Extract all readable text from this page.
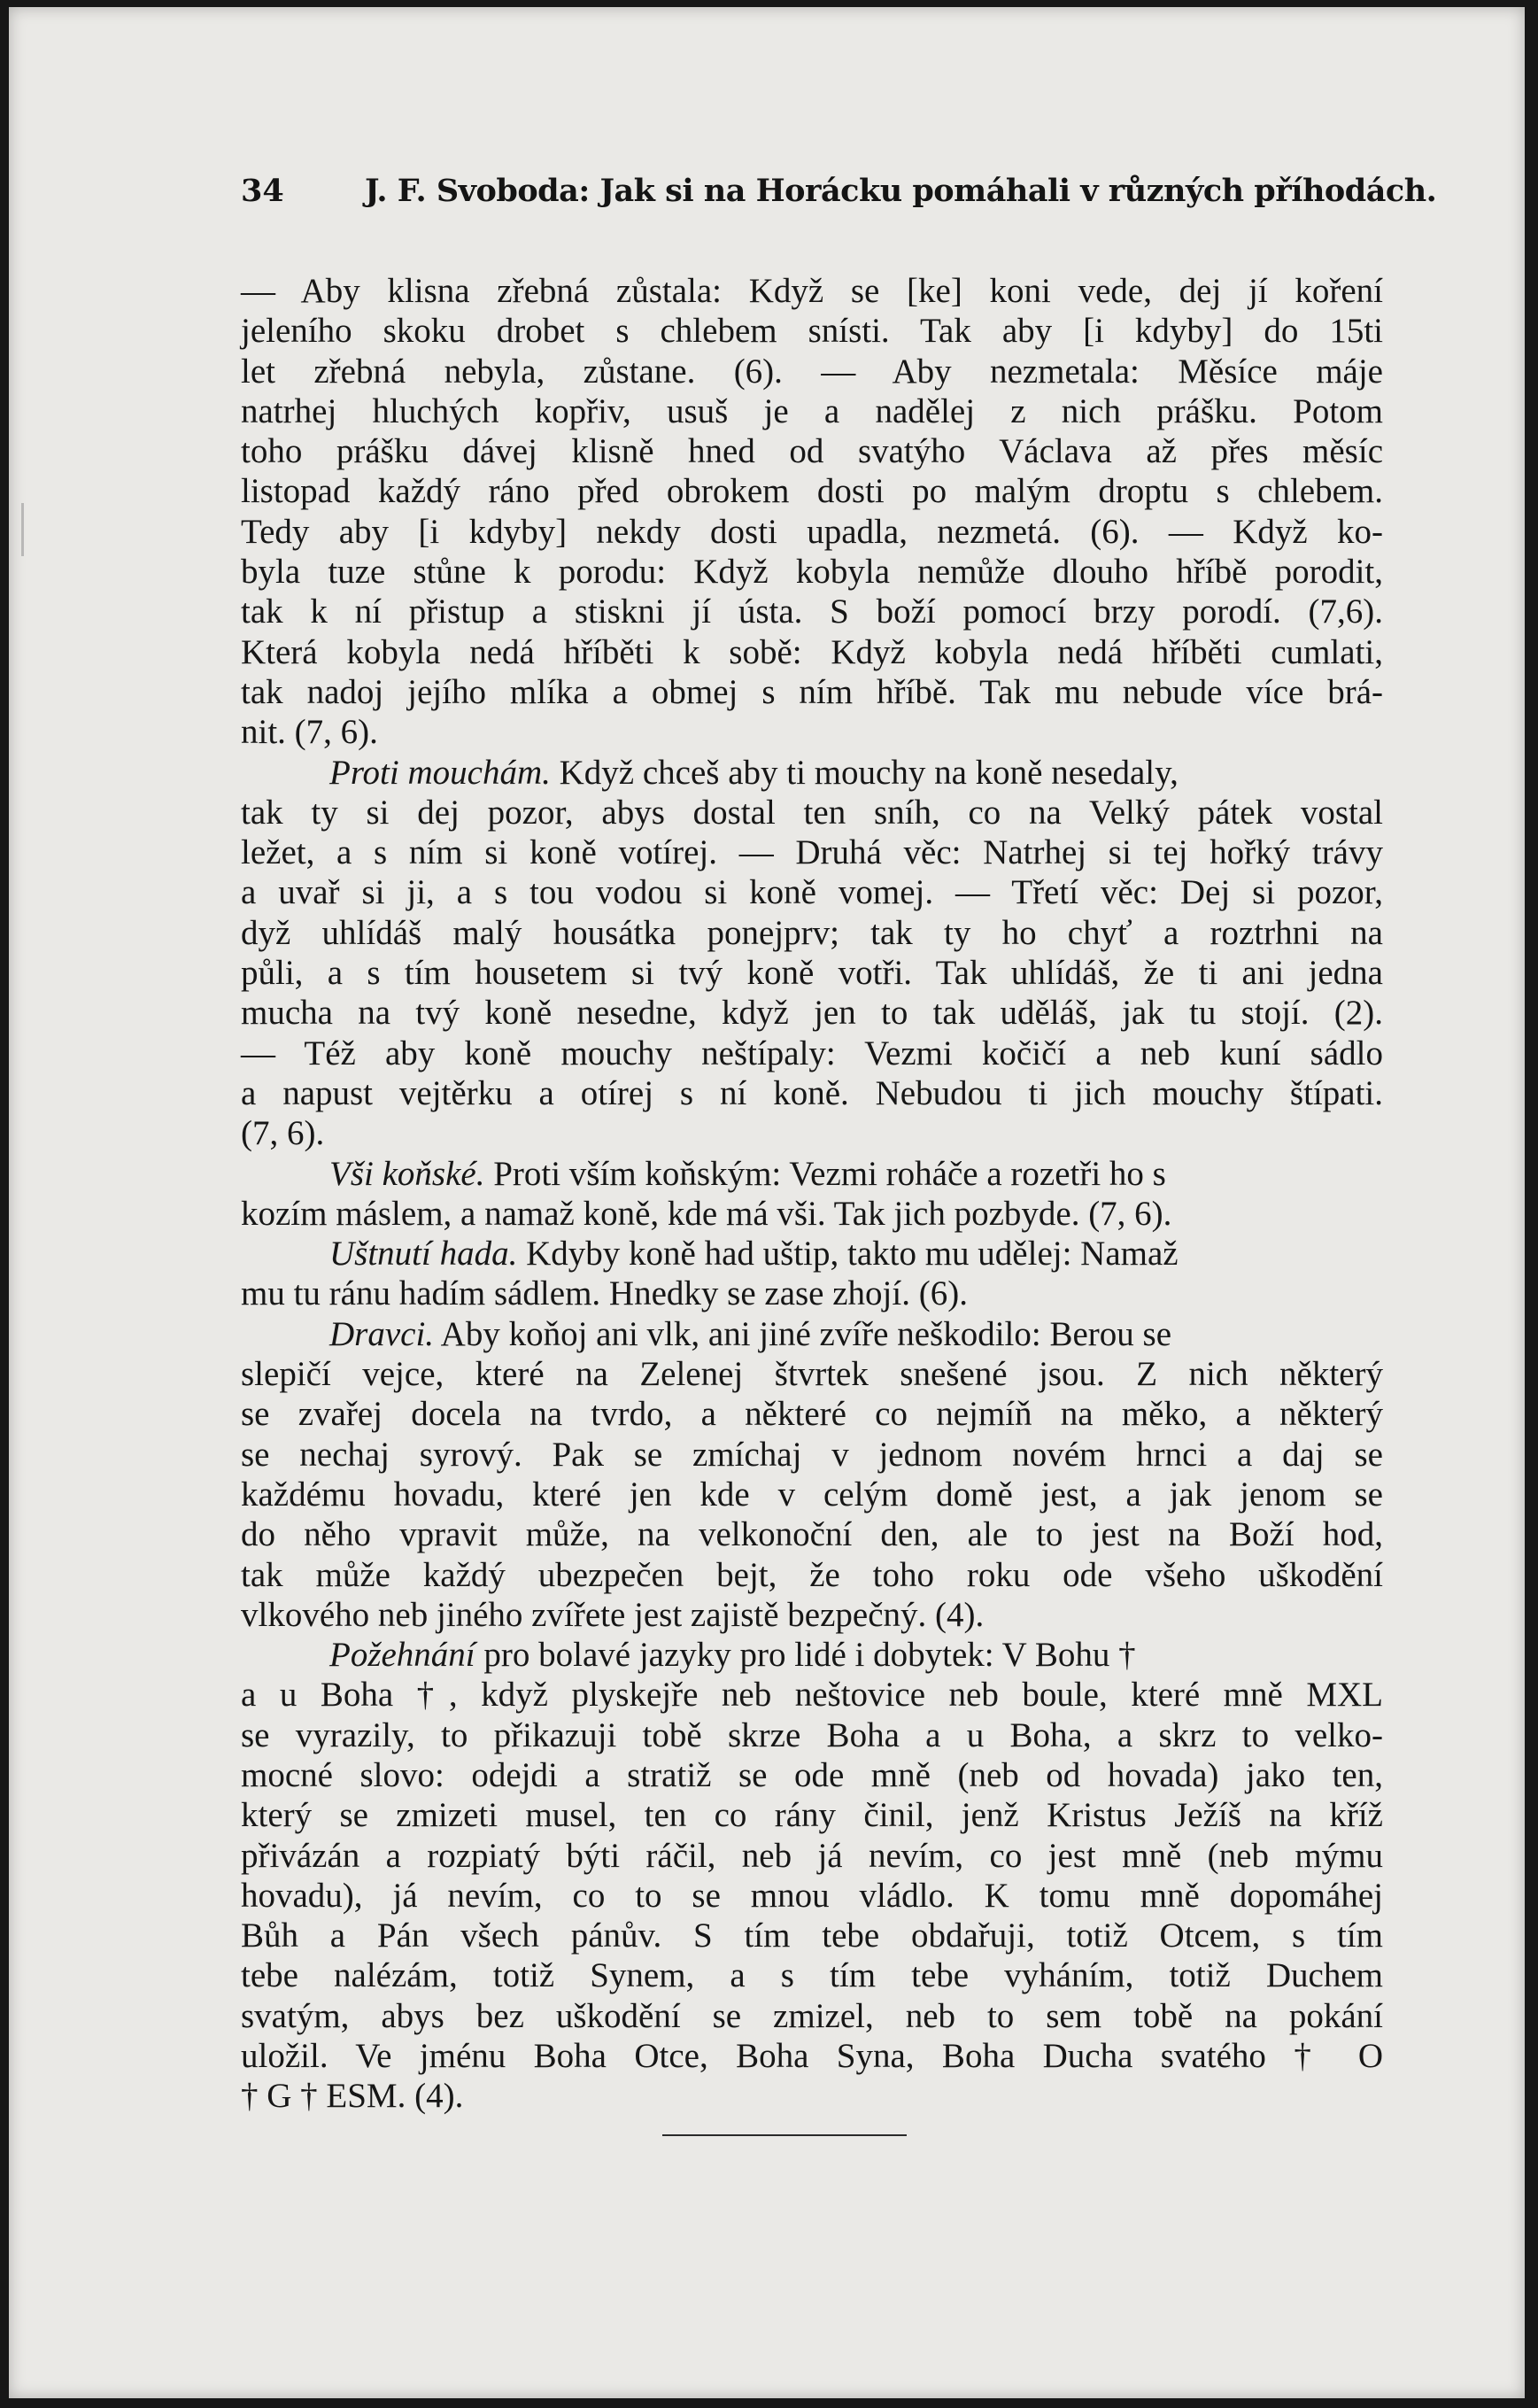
34	J. F. Svoboda: Jak si na Horácku pomáhali v různých příhodách.
— Aby klisna zřebná zůstala: Když se [ke] koni vede, dej jí koření
jeleního skoku drobet s chlebem snísti. Tak aby [i kdyby] do 15ti
let zřebná nebyla, zůstane. (6). — Aby nezmetala: Měsíce máje
natrhej hluchých kopřiv, usuš je a nadělej z nich prášku. Potom
toho prášku dávej klisně hned od svatýho Václava až přes měsíc
listopad každý ráno před obrokem dosti po malým droptu s chlebem.
Tedy aby [i kdyby] nekdy dosti upadla, nezmetá. (6). — Když ko-
byla tuze stůne k porodu: Když kobyla nemůže dlouho hříbě porodit,
tak k ní přistup a stiskni jí ústa. S boží pomocí brzy porodí. (7,6).
Která kobyla nedá hříběti k sobě: Když kobyla nedá hříběti cumlati,
tak nadoj jejího mlíka a obmej s ním hříbě. Tak mu nebude více brá-
nit. (7, 6).
Proti mouchám. Když chceš aby ti mouchy na koně nesedaly,
tak ty si dej pozor, abys dostal ten sníh, co na Velký pátek vostal
ležet, a s ním si koně votírej. — Druhá věc: Natrhej si tej hořký trávy
a uvař si ji, a s tou vodou si koně vomej. — Třetí věc: Dej si pozor,
dyž uhlídáš malý housátka ponejprv; tak ty ho chyť a roztrhni na
půli, a s tím housetem si tvý koně votři. Tak uhlídáš, že ti ani jedna
mucha na tvý koně nesedne, když jen to tak uděláš, jak tu stojí. (2).
— Též aby koně mouchy neštípaly: Vezmi kočičí a neb kuní sádlo
a napust vejtěrku a otírej s ní koně. Nebudou ti jich mouchy štípati.
(7, 6).
Vši koňské. Proti vším koňským: Vezmi roháče a rozetři ho s
kozím máslem, a namaž koně, kde má vši. Tak jich pozbyde. (7, 6).
Uštnutí hada. Kdyby koně had uštip, takto mu udělej: Namaž
mu tu ránu hadím sádlem. Hnedky se zase zhojí. (6).
Dravci. Aby koňoj ani vlk, ani jiné zvíře neškodilo: Berou se
slepičí vejce, které na Zelenej štvrtek snešené jsou. Z nich některý
se zvařej docela na tvrdo, a některé co nejmíň na měko, a některý
se nechaj syrový. Pak se zmíchaj v jednom novém hrnci a daj se
každému hovadu, které jen kde v celým domě jest, a jak jenom se
do něho vpravit může, na velkonoční den, ale to jest na Boží hod,
tak může každý ubezpečen bejt, že toho roku ode všeho uškodění
vlkového neb jiného zvířete jest zajistě bezpečný. (4).
Požehnání pro bolavé jazyky pro lidé i dobytek: V Bohu †
a u Boha †, když plyskejře neb neštovice neb boule, které mně MXL
se vyrazily, to přikazuji tobě skrze Boha a u Boha, a skrz to velko-
mocné slovo: odejdi a stratiž se ode mně (neb od hovada) jako ten,
který se zmizeti musel, ten co rány činil, jenž Kristus Ježíš na kříž
přivázán a rozpiatý býti ráčil, neb já nevím, co jest mně (neb mýmu
hovadu), já nevím, co to se mnou vládlo. K tomu mně dopomáhej
Bůh a Pán všech pánův. S tím tebe obdařuji, totiž Otcem, s tím
tebe nalézám, totiž Synem, a s tím tebe vyháním, totiž Duchem
svatým, abys bez uškodění se zmizel, neb to sem tobě na pokání
uložil. Ve jménu Boha Otce, Boha Syna, Boha Ducha svatého † O
† G † ESM. (4).
